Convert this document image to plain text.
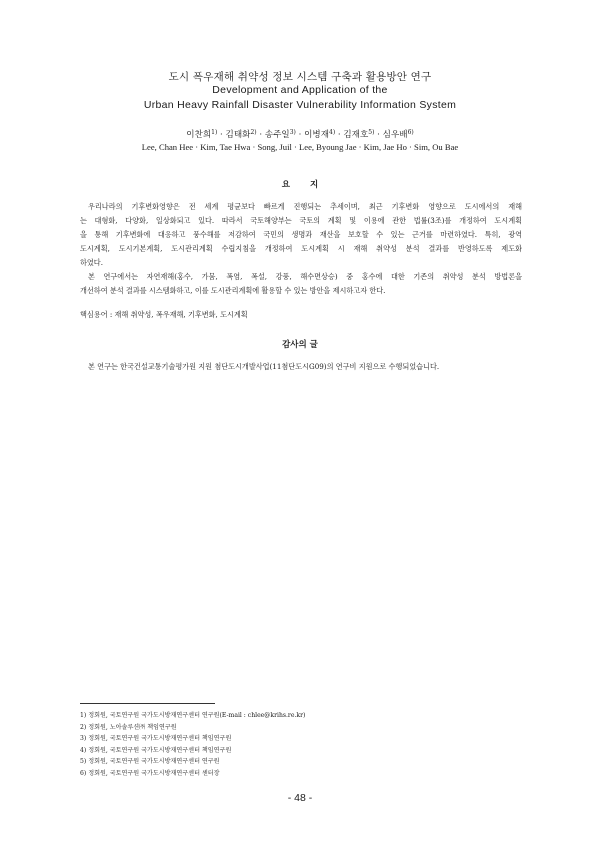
도시 폭우재해 취약성 정보 시스템 구축과 활용방안 연구
Development and Application of the
Urban Heavy Rainfall Disaster Vulnerability Information System
이찬희$^{1)}$ · 김태화$^{2)}$ · 송주일$^{3)}$ · 이병재$^{4)}$ · 김재호$^{5)}$ · 심우배$^{6)}$
Lee, Chan Hee · Kim, Tae Hwa · Song, Juil · Lee, Byoung Jae · Kim, Jae Ho · Sim, Ou Bae
요지
우리나라의 기후변화영향은 전 세계 평균보다 빠르게 진행되는 추세이며, 최근 기후변화 영향으로 도시에서의 재해
는 대형화, 다양화, 일상화되고 있다. 따라서 국토해양부는 국토의 계획 및 이용에 관한 법률(3조)를 개정하여 도시계획
을 통해 기후변화에 대응하고 풍수해를 저감하여 국민의 생명과 재산을 보호할 수 있는 근거를 마련하였다. 특히, 광역
도시계획, 도시기본계획, 도시관리계획 수립지침을 개정하여 도시계획 시 재해 취약성 분석 결과를 반영하도록 제도화
하였다.
본 연구에서는 자연재해(홍수, 가뭄, 폭염, 폭설, 강풍, 해수면상승) 중 홍수에 대한 기존의 취약성 분석 방법론을
개선하여 분석 결과를 시스템화하고, 이를 도시관리계획에 활용할 수 있는 방안을 제시하고자 한다.
핵심용어 : 재해 취약성, 폭우재해, 기후변화, 도시계획
감사의 글
본 연구는 한국건설교통기술평가원 지원 첨단도시개발사업(11첨단도시G09)의 연구비 지원으로 수행되었습니다.
1) 정회원, 국토연구원 국가도시방재연구센터 연구원(E-mail : chlee@krihs.re.kr)
2) 정회원, 노아솔루션㈜ 책임연구원
3) 정회원, 국토연구원 국가도시방재연구센터 책임연구원
4) 정회원, 국토연구원 국가도시방재연구센터 책임연구원
5) 정회원, 국토연구원 국가도시방재연구센터 연구원
6) 정회원, 국토연구원 국가도시방재연구센터 센터장
- 48 -
